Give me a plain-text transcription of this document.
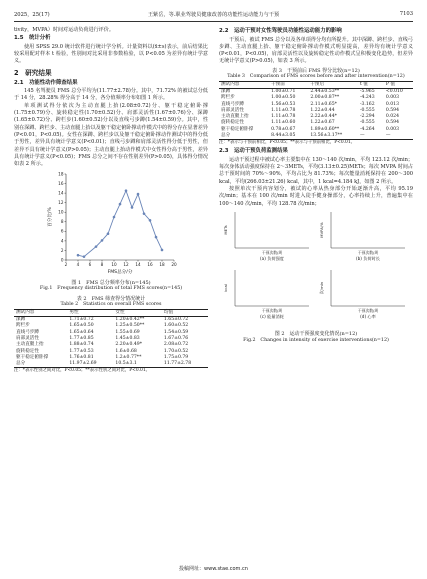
2025，25(17)	王紫岳，等.职业驾驶员健康改善的功能性运动能力与干预	7103

tivity，MVPA）时间对运动负荷进行评价。

1.5　统计分析

使用 SPSS 29.0 统计软件进行统计学分析。计量资料以(x̄±s)表示，前后结果比较采用配对样本 t 检验，性别间对比采用非参数检验，以 P<0.05 为差异有统计学意义。

2　研究结果
2.1　功能性动作筛查结果

145 名驾驶员 FMS 总分平均为(11.77±2.78)分。其中，71.72% 的被试总分低于 14 分，28.28% 得分高于 14 分，各分值频率分布如图 1 所示。

单项测试得分依次为主动直腿上抬(2.08±0.72)分、躯干稳定俯卧撑(1.75±0.79)分、旋转稳定性(1.70±0.52)分、肩部灵活性(1.67±0.76)分、深蹲(1.65±0.72)分、跨栏步(1.60±0.52)分以及直线弓步蹲(1.54±0.59)分。其中，性别在深蹲、跨栏步、主动直腿上抬以及躯干稳定俯卧撑动作模式中的得分存在显著差异(P<0.01，P<0.05)。女性在深蹲、跨栏步以及躯干稳定俯卧撑动作测试中的得分低于男性，差异具有统计学意义(P<0.01)；直线弓步蹲和肩部灵活性得分低于男性，但差异不具有统计学意义(P>0.05)；主动直腿上抬动作模式中女性得分高于男性，差异具有统计学意义(P<0.05)；FMS 总分之间不存在性别差异(P>0.05)，具体得分情况如表 2 所示。

2 4 6 8 10 12 14 16 18 20
0
2
4
6
8
10
12
14
16
18
FMS总分/分
百分比/%
图 1　FMS 总分频率分布(n=145)
Fig.1　Frequency distribution of total FMS scores(n=145)
表 2　FMS 筛查得分情况统计
Table 2　Statistics on overall FMS scores
测试内容	男性	女性	均值
深蹲	1.71±0.72	1.20±0.42**	1.65±0.72
跨栏步	1.65±0.50	1.25±0.50**	1.60±0.52
直线弓步蹲	1.65±0.64	1.55±0.69	1.54±0.59
肩部灵活性	1.77±0.85	1.45±0.83	1.67±0.76
主动直腿上抬	1.88±0.74	2.20±0.49*	2.08±0.72
旋转稳定性	1.77±0.53	1.6±0.68	1.70±0.52
躯干稳定俯卧撑	1.76±0.81	1.2±0.77**	1.75±0.79
总分	11.97±2.69	10.5±3.1	11.77±2.78
注：*表示性别之间对比，P<0.05；**表示性别之间对比，P<0.01。
2.2　运动干预对女性驾驶员功能性运动能力的影响

干预后，被试 FMS 总分以及各单项得分均有所提升。其中深蹲、跨栏步、直线弓步蹲、主动直腿上抬、躯干稳定俯卧撑动作模式明显提高，差异均有统计学意义(P<0.01，P<0.05)，肩部灵活性以及旋转稳定性动作模式呈积极变化趋势，但差异无统计学意义(P>0.05)，如表 3 所示。

表 3　干预前后 FMS 得分比较(n=12)
Table 3　Comparison of FMS scores before and after intervention(n=12)
测试内容	干预前	干预后	t 值	P 值
深蹲	1.00±0.71	2.44±0.53**	-5.965	<0.010
跨栏步	1.00±0.50	2.00±0.87**	-4.243	0.003
直线弓步蹲	1.56±0.53	2.11±0.65*	-3.162	0.013
肩部灵活性	1.11±0.78	1.22±0.44	-0.555	0.594
主动直腿上抬	1.11±0.78	2.22±0.44*	-2.294	0.024
旋转稳定性	1.11±0.60	1.22±0.67	-0.555	0.594
躯干稳定俯卧撑	0.78±0.67	1.89±0.60**	-4.264	0.003
总分	8.44±3.05	13.56±3.17**	—	—
注：*表示与干预前相比，P<0.05；**表示与干预前相比，P<0.01。
2.3　运动干预负荷监测结果

运动干预过程中被试心率主要集中在 130～140 次/min，平均 123.12 次/min；每次身体活动强度保持在 2～3METs，平均(3.13±0.25)METs；每次 MVPA 时间占总干预时间的 70%～90%，平均占比为 81.73%；每次能量消耗保持在 200～300 kcal，平均(266.03±21.26) kcal，其中，1 kcal=4.184 kJ，如图 2 所示。

按照单次干预内容划分，被试的心率从热身部分开始逐渐升高，平均 95.19 次/min；基本在 100 次/min 时进入徒手健身操部分，心率持续上升，普遍集中在 100～140 次/min，平均 128.78 次/min；

METs
干预次数/周
(a) 负荷强度
MVPA/%
干预次数/周
(b) 负荷时长
kcal
干预次数/周
(c) 能量消耗
次/min
干预次数/周
(d) 心率
图 2　运动干预强度变化情况(n=12)
Fig.2　Changes in intensity of exercise interventions(n=12)
投稿网址：www.stae.com.cn
